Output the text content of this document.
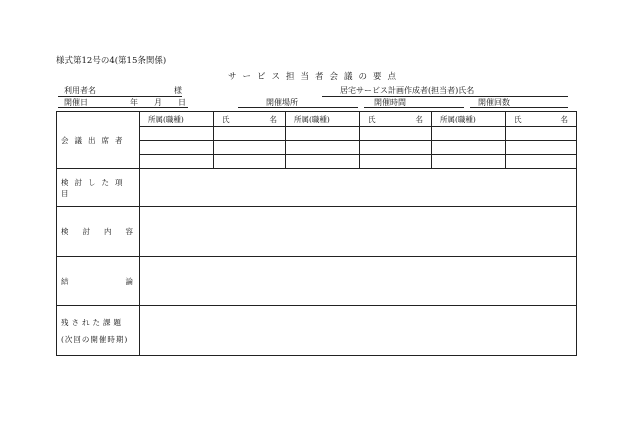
様式第12号の4(第15条関係)
サービス担当者会議の要点
利用者名	様	居宅サービス計画作成者(担当者)氏名
開催日	年 月 日	開催場所	開催時間	開催回数
会議出席者	所属(職種)	氏 名	所属(職種)	氏 名	所属(職種)	氏 名

検討した項目						

検 討 内 容						

結 論						

残された課題
(次回の開催時期)						
